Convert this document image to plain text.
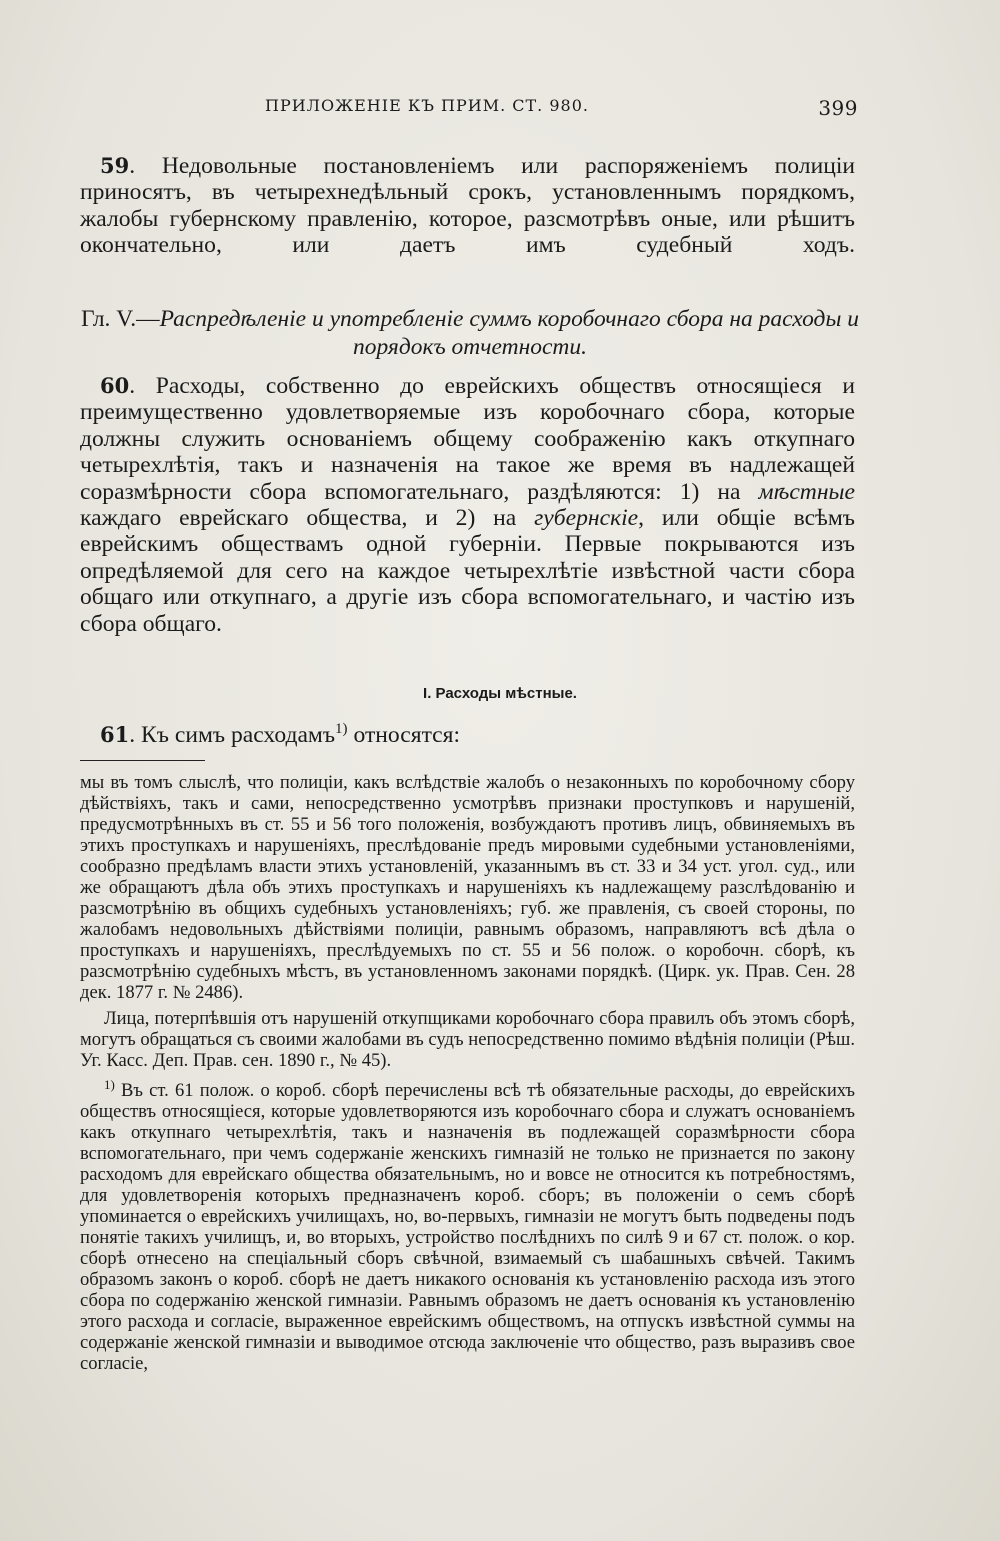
ПРИЛОЖЕНІЕ КЪ ПРИМ. СТ. 980.	399

59. Недовольные постановленіемъ или распоряженіемъ полиціи приносятъ, въ четырехнедѣльный срокъ, установленнымъ порядкомъ, жалобы губернскому правленію, которое, разсмотрѣвъ оные, или рѣшитъ окончательно, или даетъ имъ судебный ходъ.

Гл. V.—Распредѣленіе и употребленіе суммъ коробочнаго сбора на расходы и порядокъ отчетности.

60. Расходы, собственно до еврейскихъ обществъ относящіеся и преимущественно удовлетворяемые изъ коробочнаго сбора, которые должны служить основаніемъ общему соображенію какъ откупнаго четырехлѣтія, такъ и назначенія на такое же время въ надлежащей соразмѣрности сбора вспомогательнаго, раздѣляются: 1) на мѣстные каждаго еврейскаго общества, и 2) на губернскіе, или общіе всѣмъ еврейскимъ обществамъ одной губерніи. Первые покрываются изъ опредѣляемой для сего на каждое четырехлѣтіе извѣстной части сбора общаго или откупнаго, а другіе изъ сбора вспомогательнаго, и частію изъ сбора общаго.

I. Расходы мѣстные.

61. Къ симъ расходамъ$^{1)}$ относятся:

мы въ томъ слыслѣ, что полиціи, какъ вслѣдствіе жалобъ о незаконныхъ по коробочному сбору дѣйствіяхъ, такъ и сами, непосредственно усмотрѣвъ признаки проступковъ и нарушеній, предусмотрѣнныхъ въ ст. 55 и 56 того положенія, возбуждаютъ противъ лицъ, обвиняемыхъ въ этихъ проступкахъ и нарушеніяхъ, преслѣдованіе предъ мировыми судебными установленіями, сообразно предѣламъ власти этихъ установленій, указаннымъ въ ст. 33 и 34 уст. угол. суд., или же обращаютъ дѣла объ этихъ проступкахъ и нарушеніяхъ къ надлежащему разслѣдованію и разсмотрѣнію въ общихъ судебныхъ установленіяхъ; губ. же правленія, съ своей стороны, по жалобамъ недовольныхъ дѣйствіями полиціи, равнымъ образомъ, направляютъ всѣ дѣла о проступкахъ и нарушеніяхъ, преслѣдуемыхъ по ст. 55 и 56 полож. о коробочн. сборѣ, къ разсмотрѣнію судебныхъ мѣстъ, въ установленномъ законами порядкѣ. (Цирк. ук. Прав. Сен. 28 дек. 1877 г. № 2486).

Лица, потерпѣвшія отъ нарушеній откупщиками коробочнаго сбора правилъ объ этомъ сборѣ, могутъ обращаться съ своими жалобами въ судъ непосредственно помимо вѣдѣнія полиціи (Рѣш. Уг. Касс. Деп. Прав. сен. 1890 г., № 45).

$^{1)}$ Въ ст. 61 полож. о короб. сборѣ перечислены всѣ тѣ обязательные расходы, до еврейскихъ обществъ относящіеся, которые удовлетворяются изъ коробочнаго сбора и служатъ основаніемъ какъ откупнаго четырехлѣтія, такъ и назначенія въ подлежащей соразмѣрности сбора вспомогательнаго, при чемъ содержаніе женскихъ гимназій не только не признается по закону расходомъ для еврейскаго общества обязательнымъ, но и вовсе не относится къ потребностямъ, для удовлетворенія которыхъ предназначенъ короб. сборъ; въ положеніи о семъ сборѣ упоминается о еврейскихъ училищахъ, но, во-первыхъ, гимназіи не могутъ быть подведены подъ понятіе такихъ училищъ, и, во вторыхъ, устройство послѣднихъ по силѣ 9 и 67 ст. полож. о кор. сборѣ отнесено на спеціальный сборъ свѣчной, взимаемый съ шабашныхъ свѣчей. Такимъ образомъ законъ о короб. сборѣ не даетъ никакого основанія къ установленію расхода изъ этого сбора по содержанію женской гимназіи. Равнымъ образомъ не даетъ основанія къ установленію этого расхода и согласіе, выраженное еврейскимъ обществомъ, на отпускъ извѣстной суммы на содержаніе женской гимназіи и выводимое отсюда заключеніе что общество, разъ выразивъ свое согласіе,
